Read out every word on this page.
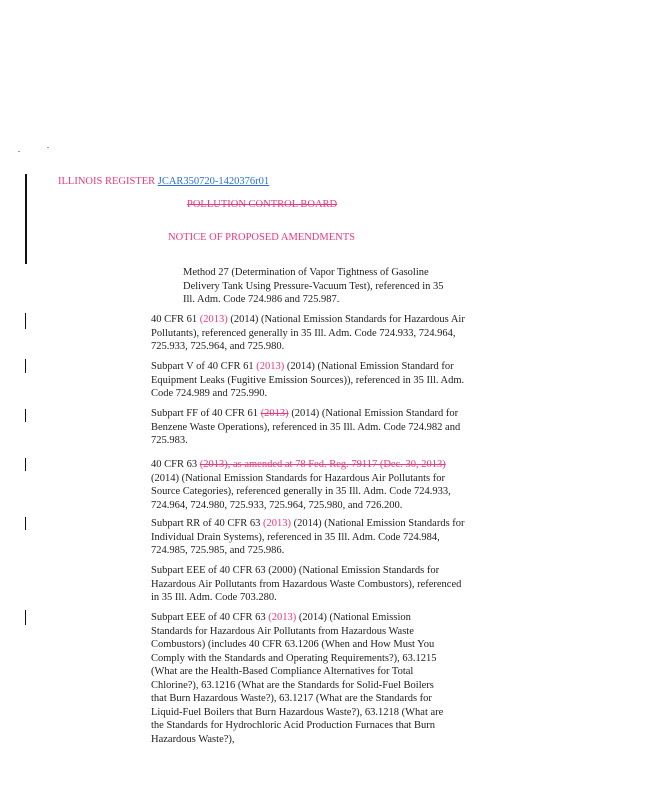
ILLINOIS REGISTER JCAR350720-1420376r01
POLLUTION CONTROL BOARD
NOTICE OF PROPOSED AMENDMENTS
Method 27 (Determination of Vapor Tightness of Gasoline Delivery Tank Using Pressure-Vacuum Test), referenced in 35 Ill. Adm. Code 724.986 and 725.987.
40 CFR 61 (2013) (2014) (National Emission Standards for Hazardous Air Pollutants), referenced generally in 35 Ill. Adm. Code 724.933, 724.964, 725.933, 725.964, and 725.980.
Subpart V of 40 CFR 61 (2013) (2014) (National Emission Standard for Equipment Leaks (Fugitive Emission Sources)), referenced in 35 Ill. Adm. Code 724.989 and 725.990.
Subpart FF of 40 CFR 61 (2013) (2014) (National Emission Standard for Benzene Waste Operations), referenced in 35 Ill. Adm. Code 724.982 and 725.983.
40 CFR 63 (2013), as amended at 78 Fed. Reg. 79117 (Dec. 30, 2013) (2014) (National Emission Standards for Hazardous Air Pollutants for Source Categories), referenced generally in 35 Ill. Adm. Code 724.933, 724.964, 724.980, 725.933, 725.964, 725.980, and 726.200.
Subpart RR of 40 CFR 63 (2013) (2014) (National Emission Standards for Individual Drain Systems), referenced in 35 Ill. Adm. Code 724.984, 724.985, 725.985, and 725.986.
Subpart EEE of 40 CFR 63 (2000) (National Emission Standards for Hazardous Air Pollutants from Hazardous Waste Combustors), referenced in 35 Ill. Adm. Code 703.280.
Subpart EEE of 40 CFR 63 (2013) (2014) (National Emission Standards for Hazardous Air Pollutants from Hazardous Waste Combustors) (includes 40 CFR 63.1206 (When and How Must You Comply with the Standards and Operating Requirements?), 63.1215 (What are the Health-Based Compliance Alternatives for Total Chlorine?), 63.1216 (What are the Standards for Solid-Fuel Boilers that Burn Hazardous Waste?), 63.1217 (What are the Standards for Liquid-Fuel Boilers that Burn Hazardous Waste?), 63.1218 (What are the Standards for Hydrochloric Acid Production Furnaces that Burn Hazardous Waste?),
